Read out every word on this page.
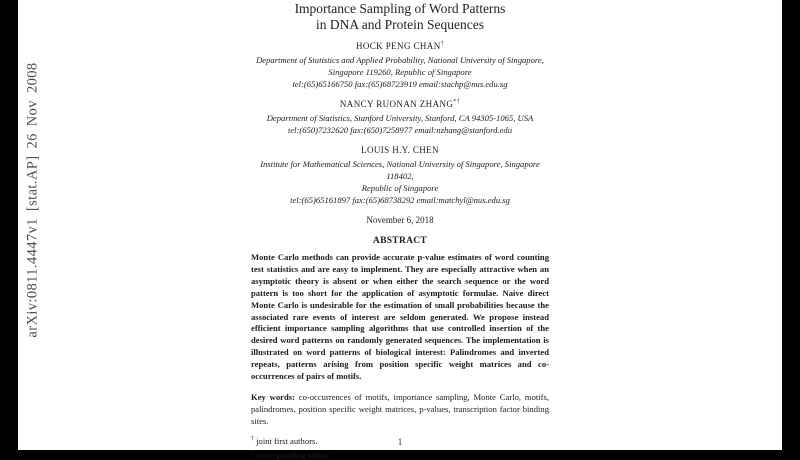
arXiv:0811.4447v1 [stat.AP] 26 Nov 2008
Importance Sampling of Word Patterns
in DNA and Protein Sequences
HOCK PENG CHAN†
Department of Statistics and Applied Probability, National University of Singapore,
Singapore 119260, Republic of Singapore
tel:(65)65166750 fax:(65)68723919 email:stachp@nus.edu.sg
NANCY RUONAN ZHANG*†
Department of Statistics, Stanford University, Stanford, CA 94305-1065, USA
tel:(650)7232620 fax:(650)7258977 email:nzhang@stanford.edu
LOUIS H.Y. CHEN
Institute for Mathematical Sciences, National University of Singapore, Singapore 118402,
Republic of Singapore
tel:(65)65161897 fax:(65)68738292 email:matchyl@nus.edu.sg
November 6, 2018
ABSTRACT
Monte Carlo methods can provide accurate p-value estimates of word counting test statistics and are easy to implement. They are especially attractive when an asymptotic theory is absent or when either the search sequence or the word pattern is too short for the application of asymptotic formulae. Naive direct Monte Carlo is undesirable for the estimation of small probabilities because the associated rare events of interest are seldom generated. We propose instead efficient importance sampling algorithms that use controlled insertion of the desired word patterns on randomly generated sequences. The implementation is illustrated on word patterns of biological interest: Palindromes and inverted repeats, patterns arising from position specific weight matrices and co-occurrences of pairs of motifs.
Key words: co-occurrences of motifs, importance sampling, Monte Carlo, motifs, palindromes, position specific weight matrices, p-values, transcription factor binding sites.
† joint first authors.
* corresponding author.
1
